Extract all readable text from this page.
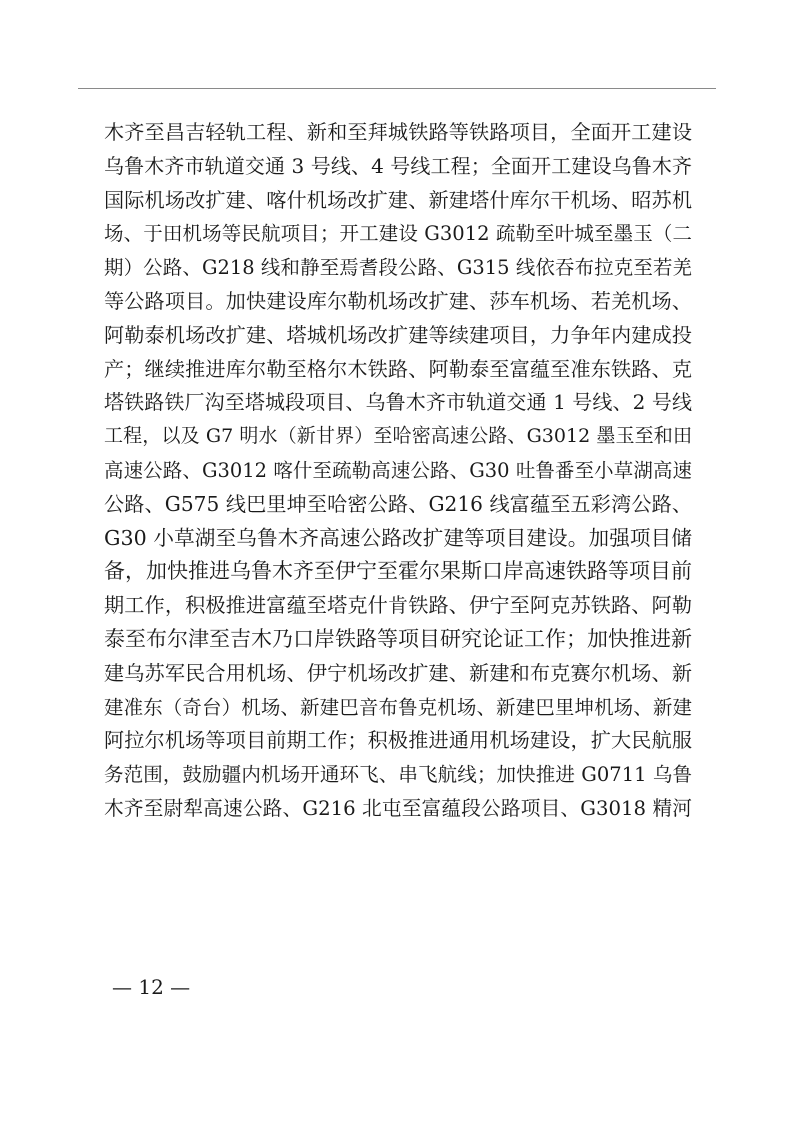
木齐至昌吉轻轨工程、新和至拜城铁路等铁路项目，全面开工建设
乌鲁木齐市轨道交通 3 号线、4 号线工程；全面开工建设乌鲁木齐
国际机场改扩建、喀什机场改扩建、新建塔什库尔干机场、昭苏机
场、于田机场等民航项目；开工建设 G3012 疏勒至叶城至墨玉（二
期）公路、G218 线和静至焉耆段公路、G315 线依吞布拉克至若羌
等公路项目。加快建设库尔勒机场改扩建、莎车机场、若羌机场、
阿勒泰机场改扩建、塔城机场改扩建等续建项目，力争年内建成投
产；继续推进库尔勒至格尔木铁路、阿勒泰至富蕴至准东铁路、克
塔铁路铁厂沟至塔城段项目、乌鲁木齐市轨道交通 1 号线、2 号线
工程，以及 G7 明水（新甘界）至哈密高速公路、G3012 墨玉至和田
高速公路、G3012 喀什至疏勒高速公路、G30 吐鲁番至小草湖高速
公路、G575 线巴里坤至哈密公路、G216 线富蕴至五彩湾公路、
G30 小草湖至乌鲁木齐高速公路改扩建等项目建设。加强项目储
备，加快推进乌鲁木齐至伊宁至霍尔果斯口岸高速铁路等项目前
期工作，积极推进富蕴至塔克什肯铁路、伊宁至阿克苏铁路、阿勒
泰至布尔津至吉木乃口岸铁路等项目研究论证工作；加快推进新
建乌苏军民合用机场、伊宁机场改扩建、新建和布克赛尔机场、新
建准东（奇台）机场、新建巴音布鲁克机场、新建巴里坤机场、新建
阿拉尔机场等项目前期工作；积极推进通用机场建设，扩大民航服
务范围，鼓励疆内机场开通环飞、串飞航线；加快推进 G0711 乌鲁
木齐至尉犁高速公路、G216 北屯至富蕴段公路项目、G3018 精河
— 12 —
